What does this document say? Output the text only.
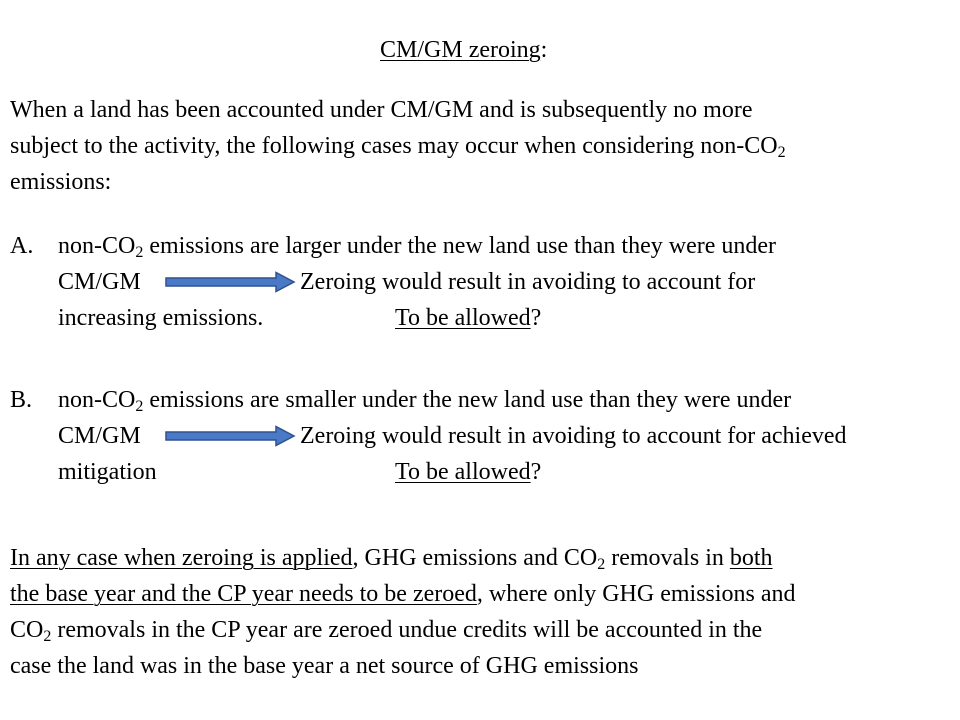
CM/GM zeroing:
When a land has been accounted under CM/GM and is subsequently no more
subject to the activity, the following cases may occur when considering non-$CO_2$
emissions:
A. non-$CO_2$ emissions are larger under the new land use than they were under
CM/GM	Zeroing would result in avoiding to account for
increasing emissions.	To be allowed?
B. non-$CO_2$ emissions are smaller under the new land use than they were under
CM/GM	Zeroing would result in avoiding to account for achieved
mitigation	To be allowed?
In any case when zeroing is applied, GHG emissions and $CO_2$ removals in both
the base year and the CP year needs to be zeroed, where only GHG emissions and
$CO_2$ removals in the CP year are zeroed undue credits will be accounted in the
case the land was in the base year a net source of GHG emissions
